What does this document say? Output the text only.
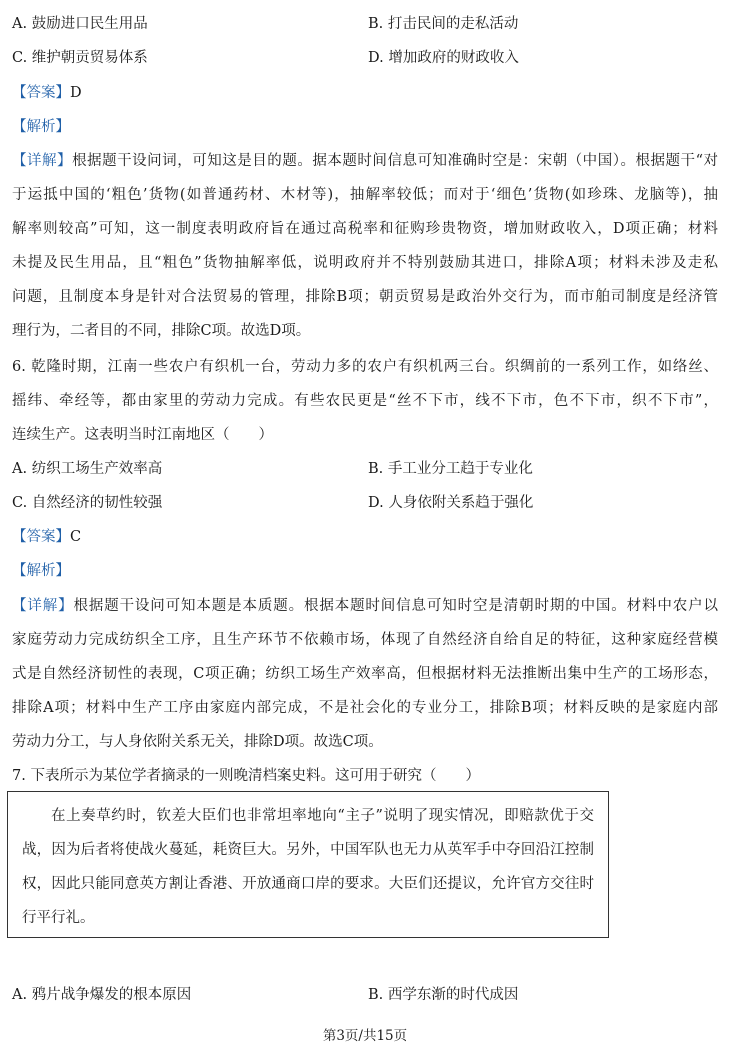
A. 鼓励进口民生用品	B. 打击民间的走私活动
C. 维护朝贡贸易体系	D. 增加政府的财政收入
【答案】D
【解析】
【详解】根据题干设问词，可知这是目的题。据本题时间信息可知准确时空是：宋朝（中国）。根据题干“对
于运抵中国的‘粗色’货物(如普通药材、木材等)，抽解率较低；而对于‘细色’货物(如珍珠、龙脑等)，抽
解率则较高”可知，这一制度表明政府旨在通过高税率和征购珍贵物资，增加财政收入，D项正确；材料
未提及民生用品，且“粗色”货物抽解率低，说明政府并不特别鼓励其进口，排除A项；材料未涉及走私
问题，且制度本身是针对合法贸易的管理，排除B项；朝贡贸易是政治外交行为，而市舶司制度是经济管
理行为，二者目的不同，排除C项。故选D项。
6. 乾隆时期，江南一些农户有织机一台，劳动力多的农户有织机两三台。织绸前的一系列工作，如络丝、
摇纬、牵经等，都由家里的劳动力完成。有些农民更是“丝不下市，线不下市，色不下市，织不下市”，
连续生产。这表明当时江南地区（　　）
A. 纺织工场生产效率高	B. 手工业分工趋于专业化
C. 自然经济的韧性较强	D. 人身依附关系趋于强化
【答案】C
【解析】
【详解】根据题干设问可知本题是本质题。根据本题时间信息可知时空是清朝时期的中国。材料中农户以
家庭劳动力完成纺织全工序，且生产环节不依赖市场，体现了自然经济自给自足的特征，这种家庭经营模
式是自然经济韧性的表现，C项正确；纺织工场生产效率高，但根据材料无法推断出集中生产的工场形态，
排除A项；材料中生产工序由家庭内部完成，不是社会化的专业分工，排除B项；材料反映的是家庭内部
劳动力分工，与人身依附关系无关，排除D项。故选C项。
7. 下表所示为某位学者摘录的一则晚清档案史料。这可用于研究（　　）
在上奏草约时，钦差大臣们也非常坦率地向“主子”说明了现实情况，即赔款优于交
战，因为后者将使战火蔓延，耗资巨大。另外，中国军队也无力从英军手中夺回沿江控制
权，因此只能同意英方割让香港、开放通商口岸的要求。大臣们还提议，允许官方交往时
行平行礼。
A. 鸦片战争爆发的根本原因	B. 西学东渐的时代成因
第3页/共15页
